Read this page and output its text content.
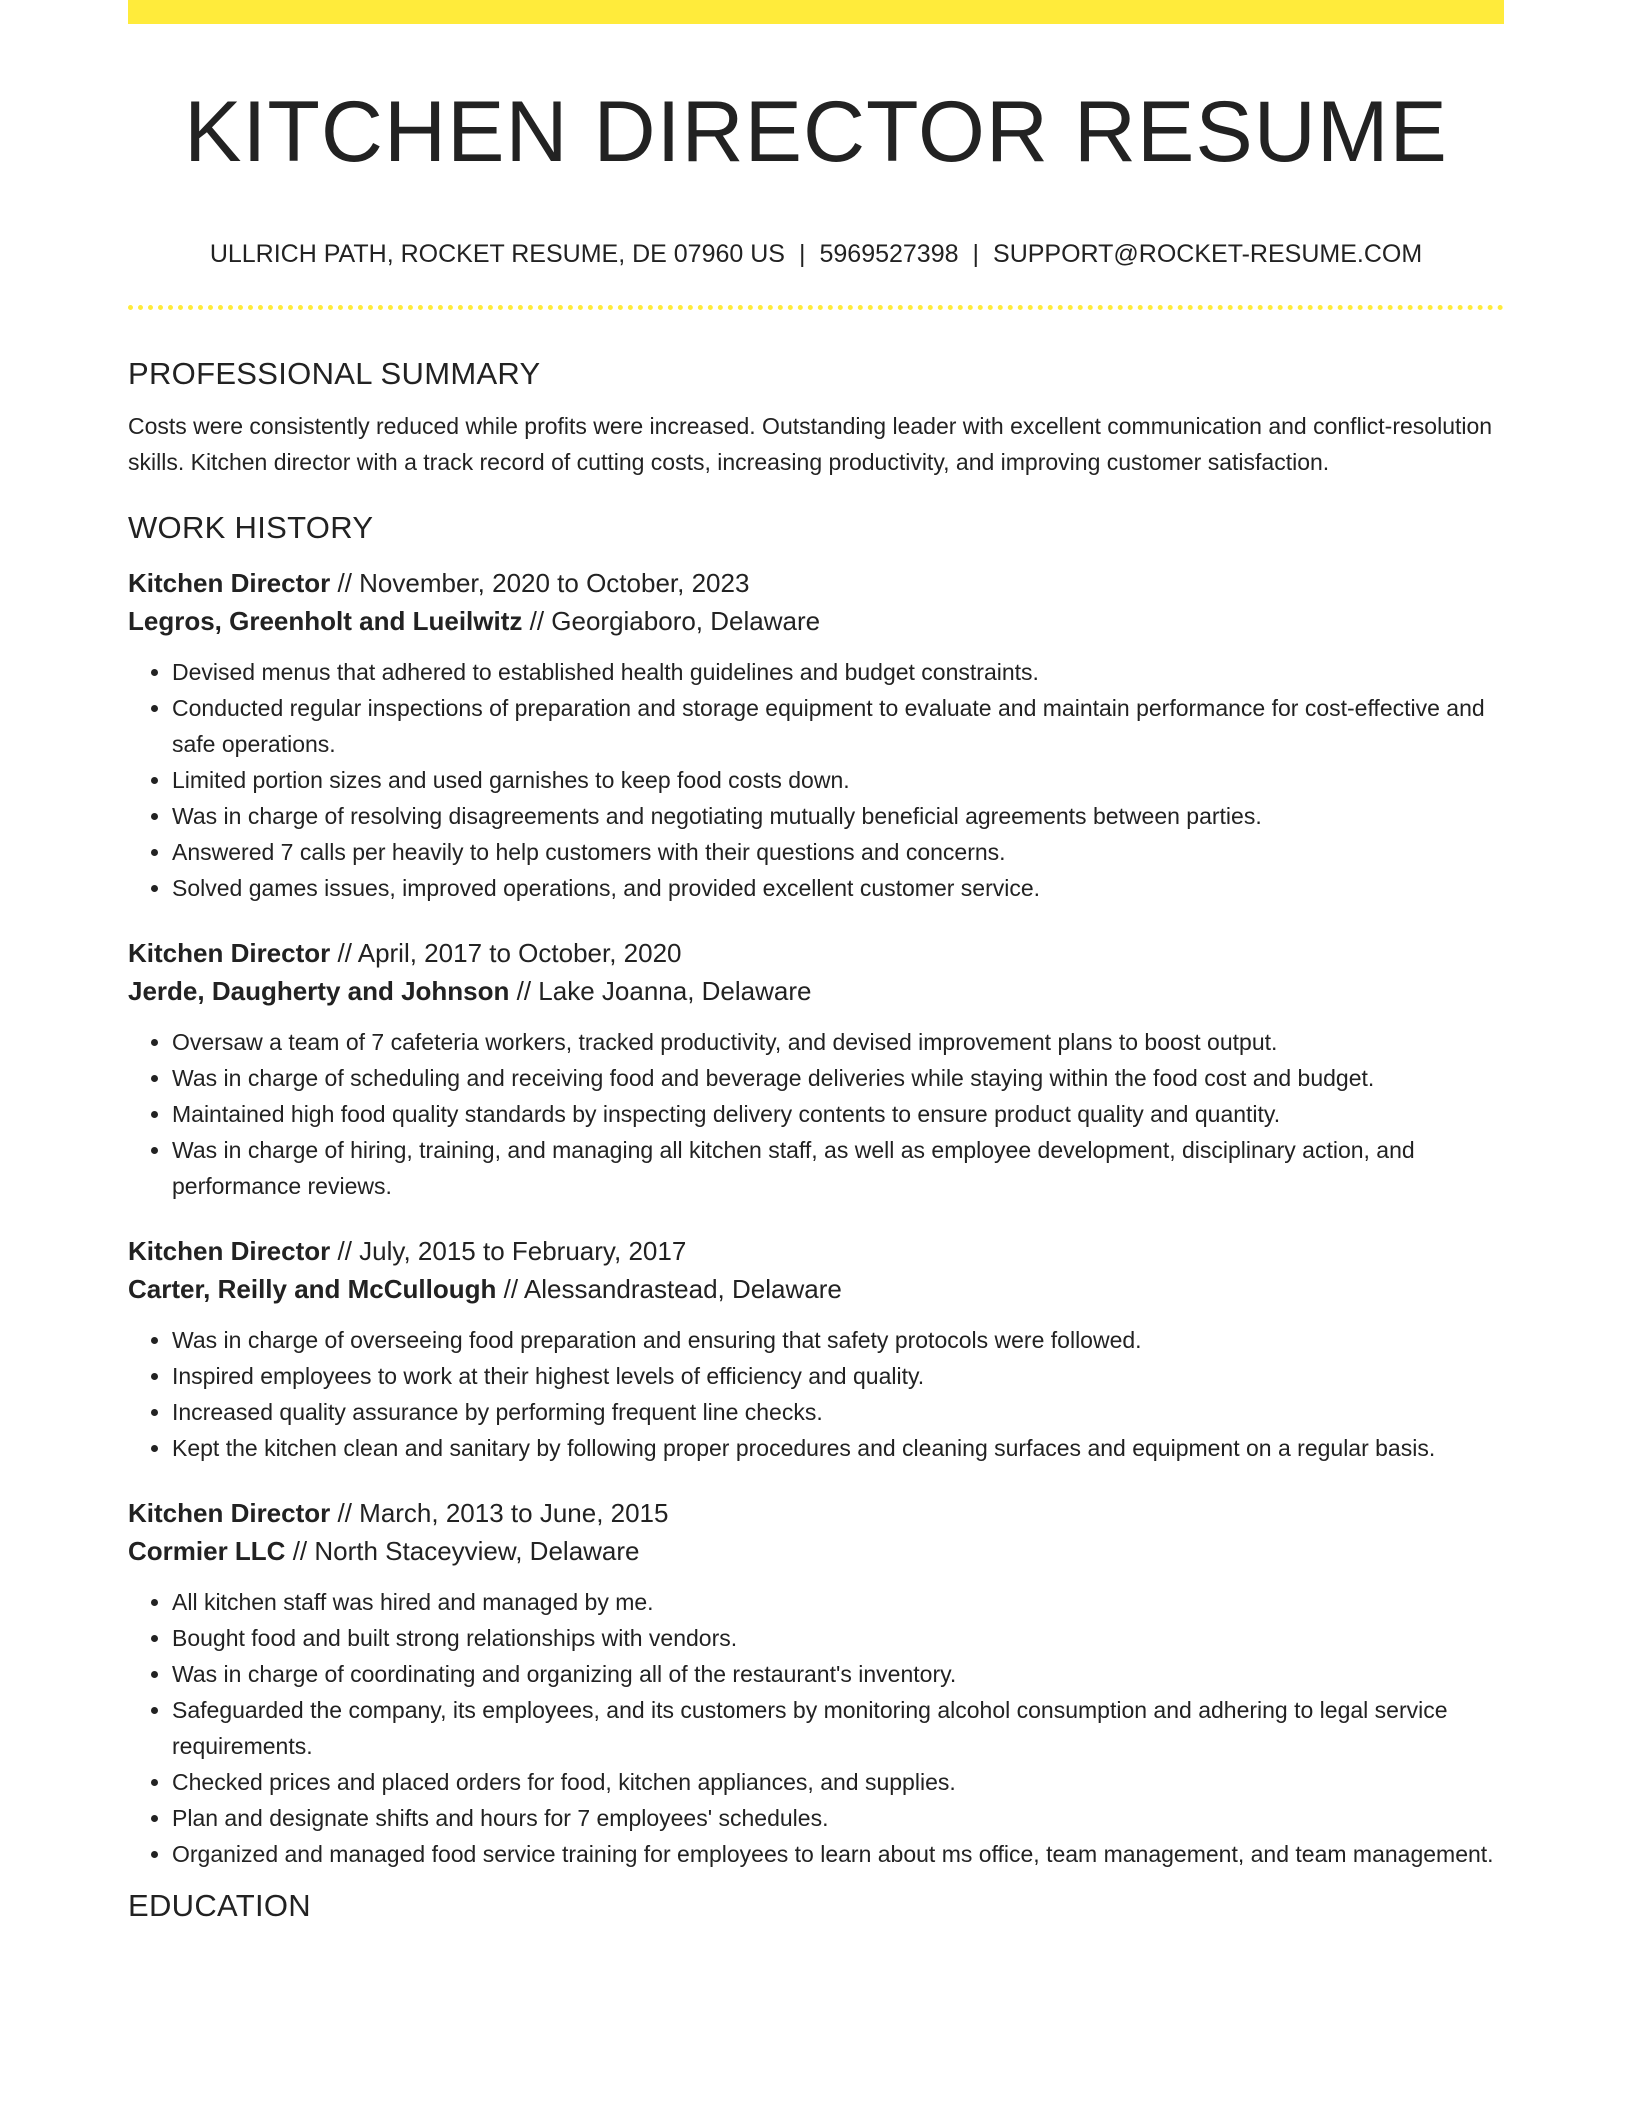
KITCHEN DIRECTOR RESUME
ULLRICH PATH, ROCKET RESUME, DE 07960 US | 5969527398 | SUPPORT@ROCKET-RESUME.COM
PROFESSIONAL SUMMARY

Costs were consistently reduced while profits were increased. Outstanding leader with excellent communication and conflict-resolution skills. Kitchen director with a track record of cutting costs, increasing productivity, and improving customer satisfaction.

WORK HISTORY
Kitchen Director // November, 2020 to October, 2023
Legros, Greenholt and Lueilwitz // Georgiaboro, Delaware
• Devised menus that adhered to established health guidelines and budget constraints.
• Conducted regular inspections of preparation and storage equipment to evaluate and maintain performance for cost-effective and safe operations.
• Limited portion sizes and used garnishes to keep food costs down.
• Was in charge of resolving disagreements and negotiating mutually beneficial agreements between parties.
• Answered 7 calls per heavily to help customers with their questions and concerns.
• Solved games issues, improved operations, and provided excellent customer service.
Kitchen Director // April, 2017 to October, 2020
Jerde, Daugherty and Johnson // Lake Joanna, Delaware
• Oversaw a team of 7 cafeteria workers, tracked productivity, and devised improvement plans to boost output.
• Was in charge of scheduling and receiving food and beverage deliveries while staying within the food cost and budget.
• Maintained high food quality standards by inspecting delivery contents to ensure product quality and quantity.
• Was in charge of hiring, training, and managing all kitchen staff, as well as employee development, disciplinary action, and performance reviews.
Kitchen Director // July, 2015 to February, 2017
Carter, Reilly and McCullough // Alessandrastead, Delaware
• Was in charge of overseeing food preparation and ensuring that safety protocols were followed.
• Inspired employees to work at their highest levels of efficiency and quality.
• Increased quality assurance by performing frequent line checks.
• Kept the kitchen clean and sanitary by following proper procedures and cleaning surfaces and equipment on a regular basis.
Kitchen Director // March, 2013 to June, 2015
Cormier LLC // North Staceyview, Delaware
• All kitchen staff was hired and managed by me.
• Bought food and built strong relationships with vendors.
• Was in charge of coordinating and organizing all of the restaurant's inventory.
• Safeguarded the company, its employees, and its customers by monitoring alcohol consumption and adhering to legal service requirements.
• Checked prices and placed orders for food, kitchen appliances, and supplies.
• Plan and designate shifts and hours for 7 employees' schedules.
• Organized and managed food service training for employees to learn about ms office, team management, and team management.
EDUCATION
